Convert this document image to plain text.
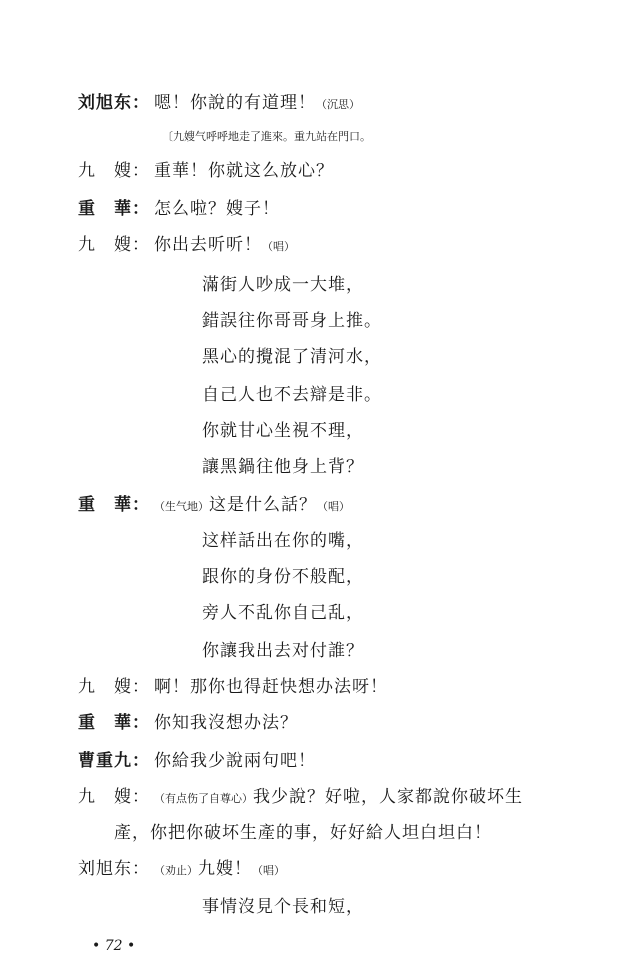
刘旭东： 嗯！你說的有道理！（沉思）
〔九嫂气呼呼地走了進來。重九站在門口。
九　嫂： 重華！你就这么放心？
重　華： 怎么啦？嫂子！
九　嫂： 你出去听听！（唱）
滿街人吵成一大堆，
錯誤往你哥哥身上推。
黑心的攪混了清河水，
自己人也不去辯是非。
你就甘心坐視不理，
讓黑鍋往他身上背？
重　華： （生气地）这是什么話？（唱）
这样話出在你的嘴，
跟你的身份不般配，
旁人不乱你自己乱，
你讓我出去对付誰？
九　嫂： 啊！那你也得赶快想办法呀！
重　華： 你知我沒想办法？
曹重九： 你給我少說兩句吧！
九　嫂： （有点伤了自尊心）我少說？好啦，人家都說你破坏生
產，你把你破坏生產的事，好好給人坦白坦白！
刘旭东： （劝止）九嫂！（唱）
事情沒見个長和短，
• 72 •
